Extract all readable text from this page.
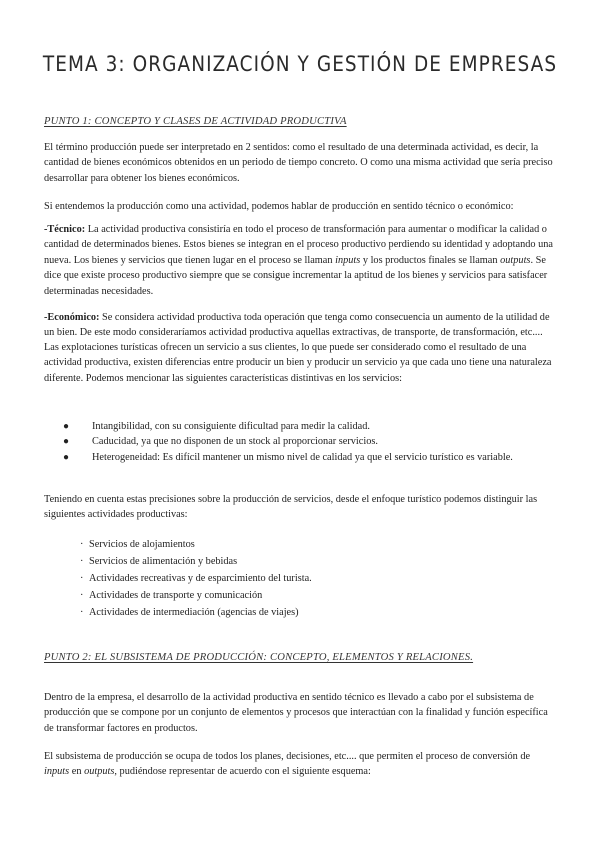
TEMA 3: ORGANIZACIÓN Y GESTIÓN DE EMPRESAS
PUNTO 1: CONCEPTO Y CLASES DE ACTIVIDAD PRODUCTIVA

El término producción puede ser interpretado en 2 sentidos: como el resultado de una determinada actividad, es decir, la cantidad de bienes económicos obtenidos en un periodo de tiempo concreto. O como una misma actividad que sería preciso desarrollar para obtener los bienes económicos.

Si entendemos la producción como una actividad, podemos hablar de producción en sentido técnico o económico:

-Técnico: La actividad productiva consistiría en todo el proceso de transformación para aumentar o modificar la calidad o cantidad de determinados bienes. Estos bienes se integran en el proceso productivo perdiendo su identidad y adoptando una nueva. Los bienes y servicios que tienen lugar en el proceso se llaman inputs y los productos finales se llaman outputs. Se dice que existe proceso productivo siempre que se consigue incrementar la aptitud de los bienes y servicios para satisfacer determinadas necesidades.

-Económico: Se considera actividad productiva toda operación que tenga como consecuencia un aumento de la utilidad de un bien. De este modo consideraríamos actividad productiva aquellas extractivas, de transporte, de transformación, etc....

Las explotaciones turísticas ofrecen un servicio a sus clientes, lo que puede ser considerado como el resultado de una actividad productiva, existen diferencias entre producir un bien y producir un servicio ya que cada uno tiene una naturaleza diferente. Podemos mencionar las siguientes características distintivas en los servicios:

● Intangibilidad, con su consiguiente dificultad para medir la calidad.
● Caducidad, ya que no disponen de un stock al proporcionar servicios.
● Heterogeneidad: Es difícil mantener un mismo nivel de calidad ya que el servicio turístico es variable.

Teniendo en cuenta estas precisiones sobre la producción de servicios, desde el enfoque turístico podemos distinguir las siguientes actividades productivas:

· Servicios de alojamientos
· Servicios de alimentación y bebidas
· Actividades recreativas y de esparcimiento del turista.
· Actividades de transporte y comunicación
· Actividades de intermediación (agencias de viajes)
PUNTO 2: EL SUBSISTEMA DE PRODUCCIÓN: CONCEPTO, ELEMENTOS Y RELACIONES.

Dentro de la empresa, el desarrollo de la actividad productiva en sentido técnico es llevado a cabo por el subsistema de producción que se compone por un conjunto de elementos y procesos que interactúan con la finalidad y función específica de transformar factores en productos.

El subsistema de producción se ocupa de todos los planes, decisiones, etc.... que permiten el proceso de conversión de inputs en outputs, pudiéndose representar de acuerdo con el siguiente esquema:
